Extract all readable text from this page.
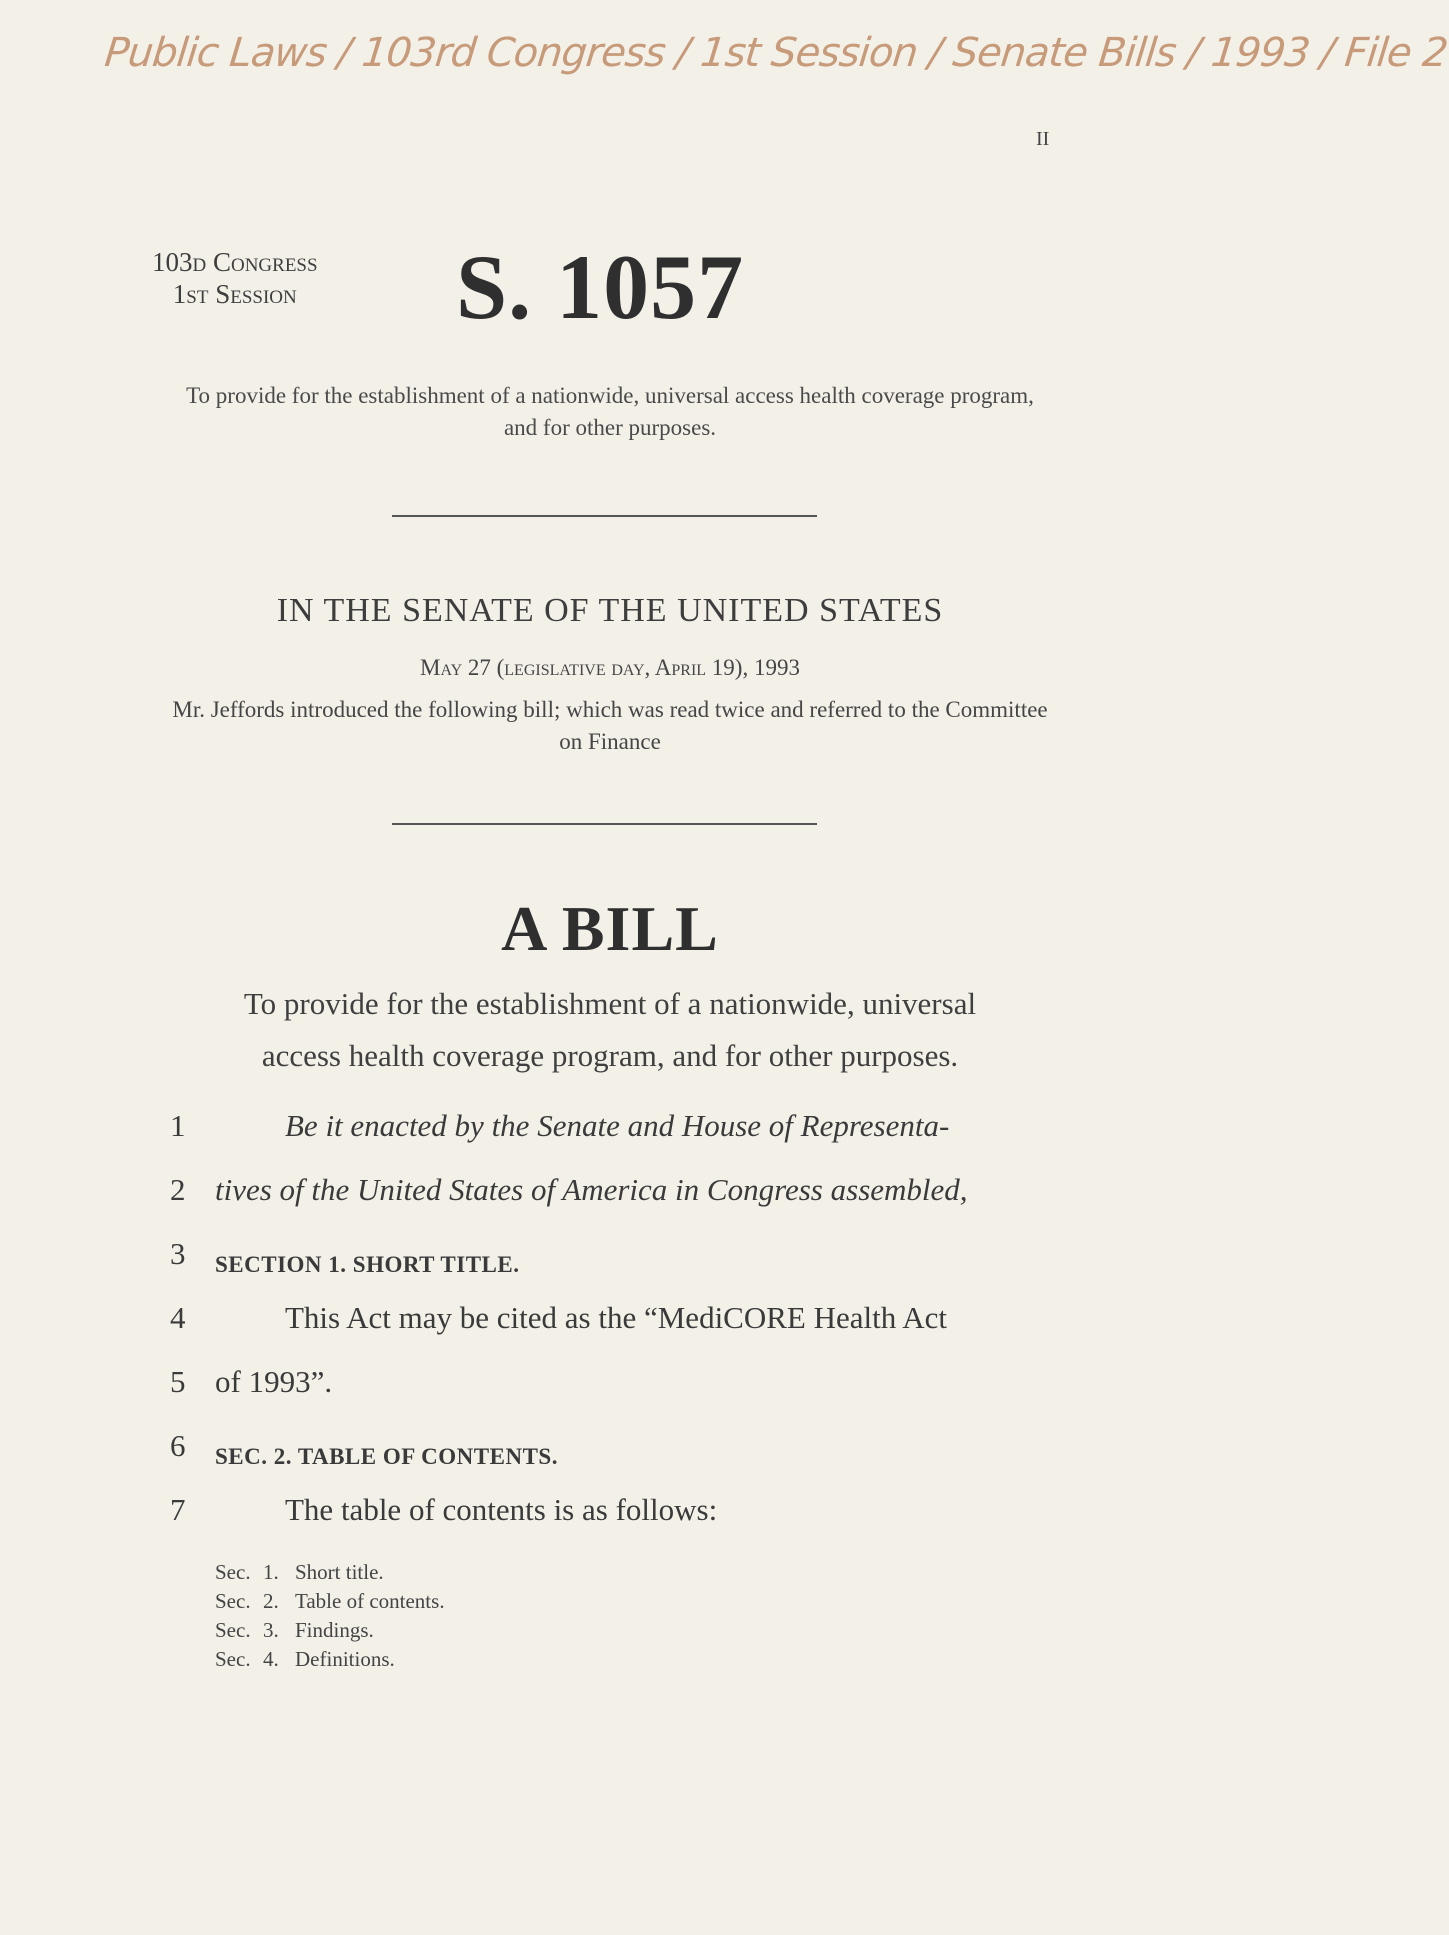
Public Laws / 103rd Congress / 1st Session / Senate Bills / 1993 / File 2
II
103d Congress
1st Session S. 1057
To provide for the establishment of a nationwide, universal access health coverage program, and for other purposes.
IN THE SENATE OF THE UNITED STATES
May 27 (legislative day, April 19), 1993
Mr. Jeffords introduced the following bill; which was read twice and referred to the Committee on Finance
A BILL
To provide for the establishment of a nationwide, universal
access health coverage program, and for other purposes.
1	Be it enacted by the Senate and House of Representa-
2 tives of the United States of America in Congress assembled,
3 $_{SECTION 1. SHORT TITLE.}$
4	This Act may be cited as the “MediCORE Health Act
5 of 1993”.
6 $_{SEC. 2. TABLE OF CONTENTS.}$
7	The table of contents is as follows:
Sec. 1. Short title.
Sec. 2. Table of contents.
Sec. 3. Findings.
Sec. 4. Definitions.
